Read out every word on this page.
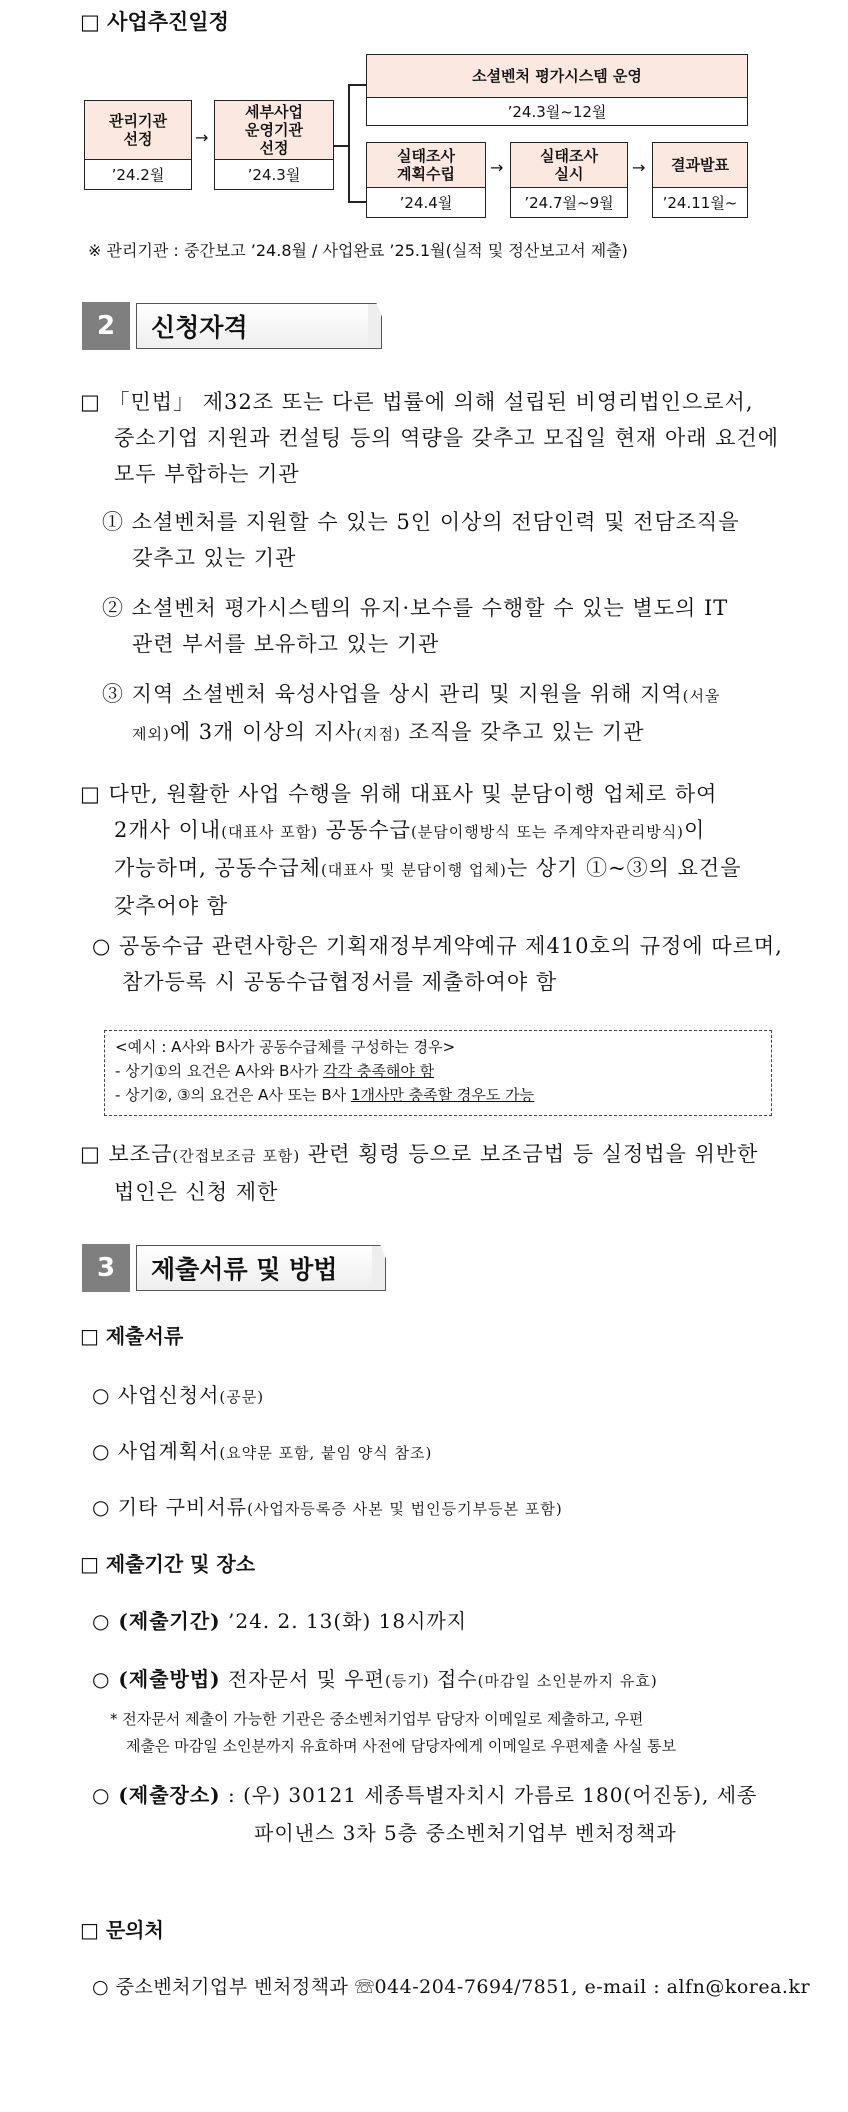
□ 사업추진일정
관리기관
선정
’24.2월
→
세부사업
운영기관
선정
’24.3월
소셜벤처 평가시스템 운영
’24.3월~12월
실태조사
계획수립
’24.4월
→
실태조사
실시
’24.7월~9월
→	결과발표
’24.11월~
※ 관리기관 : 중간보고 ’24.8월 / 사업완료 ’25.1월(실적 및 정산보고서 제출)
2	신청자격
□ 「민법」 제32조 또는 다른 법률에 의해 설립된 비영리법인으로서,
중소기업 지원과 컨설팅 등의 역량을 갖추고 모집일 현재 아래 요건에
모두 부합하는 기관
① 소셜벤처를 지원할 수 있는 5인 이상의 전담인력 및 전담조직을
갖추고 있는 기관
② 소셜벤처 평가시스템의 유지·보수를 수행할 수 있는 별도의 IT
관련 부서를 보유하고 있는 기관
③ 지역 소셜벤처 육성사업을 상시 관리 및 지원을 위해 지역(서울
제외)에 3개 이상의 지사(지점) 조직을 갖추고 있는 기관
□ 다만, 원활한 사업 수행을 위해 대표사 및 분담이행 업체로 하여
2개사 이내(대표사 포함) 공동수급(분담이행방식 또는 주계약자관리방식)이
가능하며, 공동수급체(대표사 및 분담이행 업체)는 상기 ①~③의 요건을
갖추어야 함
○ 공동수급 관련사항은 기획재정부계약예규 제410호의 규정에 따르며,
참가등록 시 공동수급협정서를 제출하여야 함
<예시 : A사와 B사가 공동수급체를 구성하는 경우>
- 상기①의 요건은 A사와 B사가 각각 충족해야 함
- 상기②, ③의 요건은 A사 또는 B사 1개사만 충족할 경우도 가능
□ 보조금(간접보조금 포함) 관련 횡령 등으로 보조금법 등 실정법을 위반한
법인은 신청 제한
3	제출서류 및 방법
□ 제출서류
○ 사업신청서(공문)
○ 사업계획서(요약문 포함, 붙임 양식 참조)
○ 기타 구비서류(사업자등록증 사본 및 법인등기부등본 포함)
□ 제출기간 및 장소
○ (제출기간) ’24. 2. 13(화) 18시까지
○ (제출방법) 전자문서 및 우편(등기) 접수(마감일 소인분까지 유효)
* 전자문서 제출이 가능한 기관은 중소벤처기업부 담당자 이메일로 제출하고, 우편
제출은 마감일 소인분까지 유효하며 사전에 담당자에게 이메일로 우편제출 사실 통보
○ (제출장소) : (우) 30121 세종특별자치시 가름로 180(어진동), 세종
파이낸스 3차 5층 중소벤처기업부 벤처정책과
□ 문의처
○ 중소벤처기업부 벤처정책과 ☏044-204-7694/7851, e-mail : alfn@korea.kr
